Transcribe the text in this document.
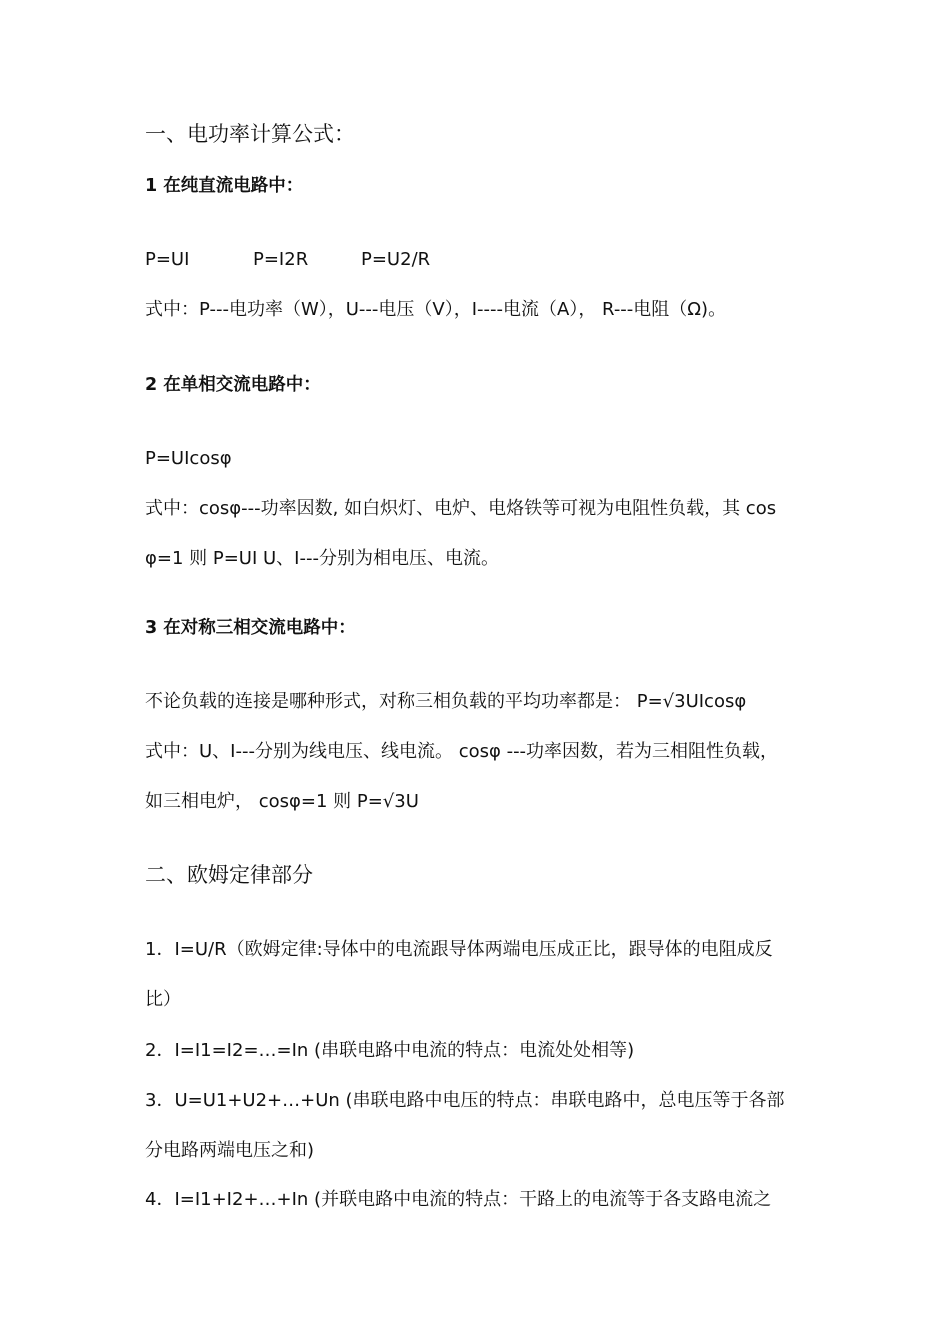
一、电功率计算公式：
1 在纯直流电路中：
P=UI	P=I2R	P=U2/R
式中：P---电功率（W），U---电压（V），I----电流（A）， R---电阻（Ω)。
2 在单相交流电路中：
P=UIcosφ
式中：cosφ---功率因数, 如白炽灯、电炉、电烙铁等可视为电阻性负载，其 cos
φ=1 则 P=UI U、I---分别为相电压、电流。
3 在对称三相交流电路中：
不论负载的连接是哪种形式，对称三相负载的平均功率都是： P=√3UIcosφ
式中：U、I---分别为线电压、线电流。 cosφ ---功率因数，若为三相阻性负载，
如三相电炉， cosφ=1 则 P=√3U
二、欧姆定律部分
1．I=U/R（欧姆定律:导体中的电流跟导体两端电压成正比，跟导体的电阻成反
比）
2．I=I1=I2=…=In (串联电路中电流的特点：电流处处相等)
3．U=U1+U2+…+Un (串联电路中电压的特点：串联电路中，总电压等于各部
分电路两端电压之和)
4．I=I1+I2+…+In (并联电路中电流的特点：干路上的电流等于各支路电流之
